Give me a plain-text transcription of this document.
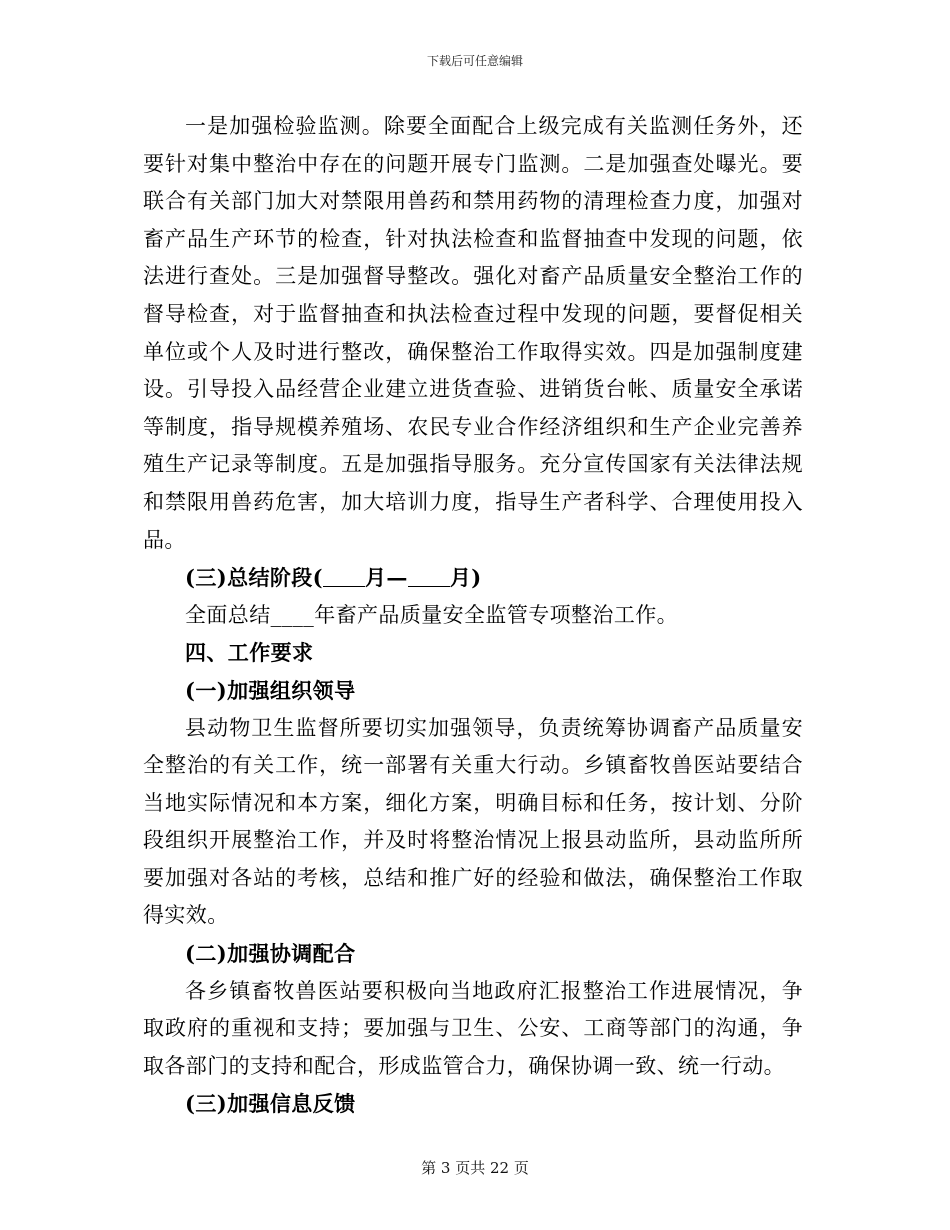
下载后可任意编辑

一是加强检验监测。除要全面配合上级完成有关监测任务外，还要针对集中整治中存在的问题开展专门监测。二是加强查处曝光。要联合有关部门加大对禁限用兽药和禁用药物的清理检查力度，加强对畜产品生产环节的检查，针对执法检查和监督抽查中发现的问题，依法进行查处。三是加强督导整改。强化对畜产品质量安全整治工作的督导检查，对于监督抽查和执法检查过程中发现的问题，要督促相关单位或个人及时进行整改，确保整治工作取得实效。四是加强制度建设。引导投入品经营企业建立进货查验、进销货台帐、质量安全承诺等制度，指导规模养殖场、农民专业合作经济组织和生产企业完善养殖生产记录等制度。五是加强指导服务。充分宣传国家有关法律法规和禁限用兽药危害，加大培训力度，指导生产者科学、合理使用投入品。

(三)总结阶段( 月— 月)

全面总结____年畜产品质量安全监管专项整治工作。

四、工作要求

(一)加强组织领导

县动物卫生监督所要切实加强领导，负责统筹协调畜产品质量安全整治的有关工作，统一部署有关重大行动。乡镇畜牧兽医站要结合当地实际情况和本方案，细化方案，明确目标和任务，按计划、分阶段组织开展整治工作，并及时将整治情况上报县动监所，县动监所所要加强对各站的考核，总结和推广好的经验和做法，确保整治工作取得实效。

(二)加强协调配合

各乡镇畜牧兽医站要积极向当地政府汇报整治工作进展情况，争取政府的重视和支持；要加强与卫生、公安、工商等部门的沟通，争取各部门的支持和配合，形成监管合力，确保协调一致、统一行动。

(三)加强信息反馈

第 3 页共 22 页
